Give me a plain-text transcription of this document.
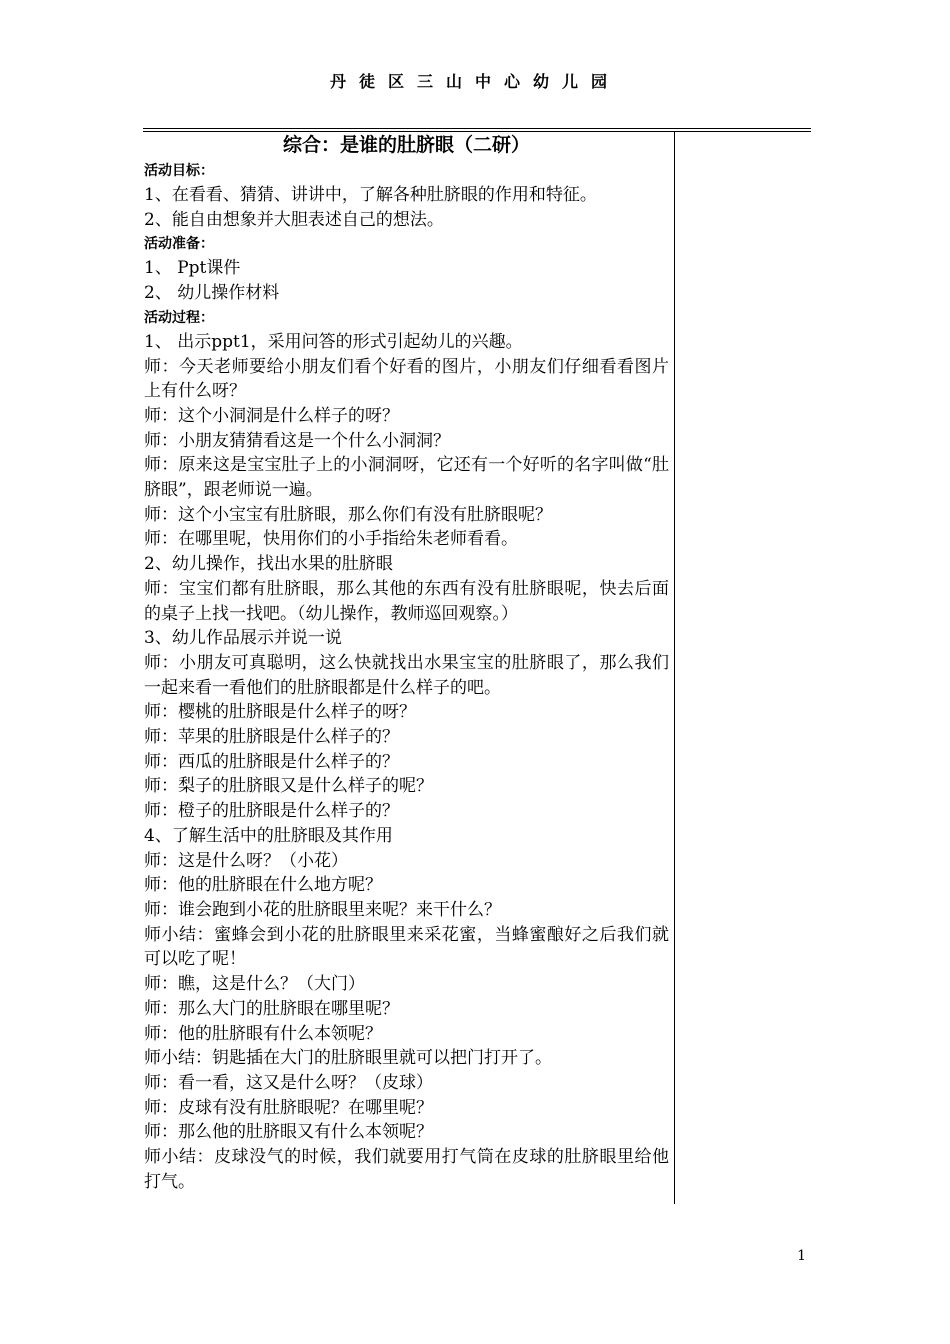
丹徒区三山中心幼儿园

综合：是谁的肚脐眼（二研）

活动目标：

1、在看看、猜猜、讲讲中，了解各种肚脐眼的作用和特征。

2、能自由想象并大胆表述自己的想法。

活动准备：

1、 Ppt课件

2、 幼儿操作材料

活动过程：

1、 出示ppt1，采用问答的形式引起幼儿的兴趣。

师：今天老师要给小朋友们看个好看的图片，小朋友们仔细看看图片上有什么呀？

师：这个小洞洞是什么样子的呀？

师：小朋友猜猜看这是一个什么小洞洞？

师：原来这是宝宝肚子上的小洞洞呀，它还有一个好听的名字叫做“肚脐眼”，跟老师说一遍。

师：这个小宝宝有肚脐眼，那么你们有没有肚脐眼呢？

师：在哪里呢，快用你们的小手指给朱老师看看。

2、幼儿操作，找出水果的肚脐眼

师：宝宝们都有肚脐眼，那么其他的东西有没有肚脐眼呢，快去后面的桌子上找一找吧。（幼儿操作，教师巡回观察。）

3、幼儿作品展示并说一说

师：小朋友可真聪明，这么快就找出水果宝宝的肚脐眼了，那么我们一起来看一看他们的肚脐眼都是什么样子的吧。

师：樱桃的肚脐眼是什么样子的呀？

师：苹果的肚脐眼是什么样子的？

师：西瓜的肚脐眼是什么样子的？

师：梨子的肚脐眼又是什么样子的呢？

师：橙子的肚脐眼是什么样子的？

4、了解生活中的肚脐眼及其作用

师：这是什么呀？（小花）

师：他的肚脐眼在什么地方呢？

师：谁会跑到小花的肚脐眼里来呢？来干什么？

师小结：蜜蜂会到小花的肚脐眼里来采花蜜，当蜂蜜酿好之后我们就可以吃了呢！

师：瞧，这是什么？（大门）

师：那么大门的肚脐眼在哪里呢？

师：他的肚脐眼有什么本领呢？

师小结：钥匙插在大门的肚脐眼里就可以把门打开了。

师：看一看，这又是什么呀？（皮球）

师：皮球有没有肚脐眼呢？在哪里呢？

师：那么他的肚脐眼又有什么本领呢？

师小结：皮球没气的时候，我们就要用打气筒在皮球的肚脐眼里给他打气。

1
